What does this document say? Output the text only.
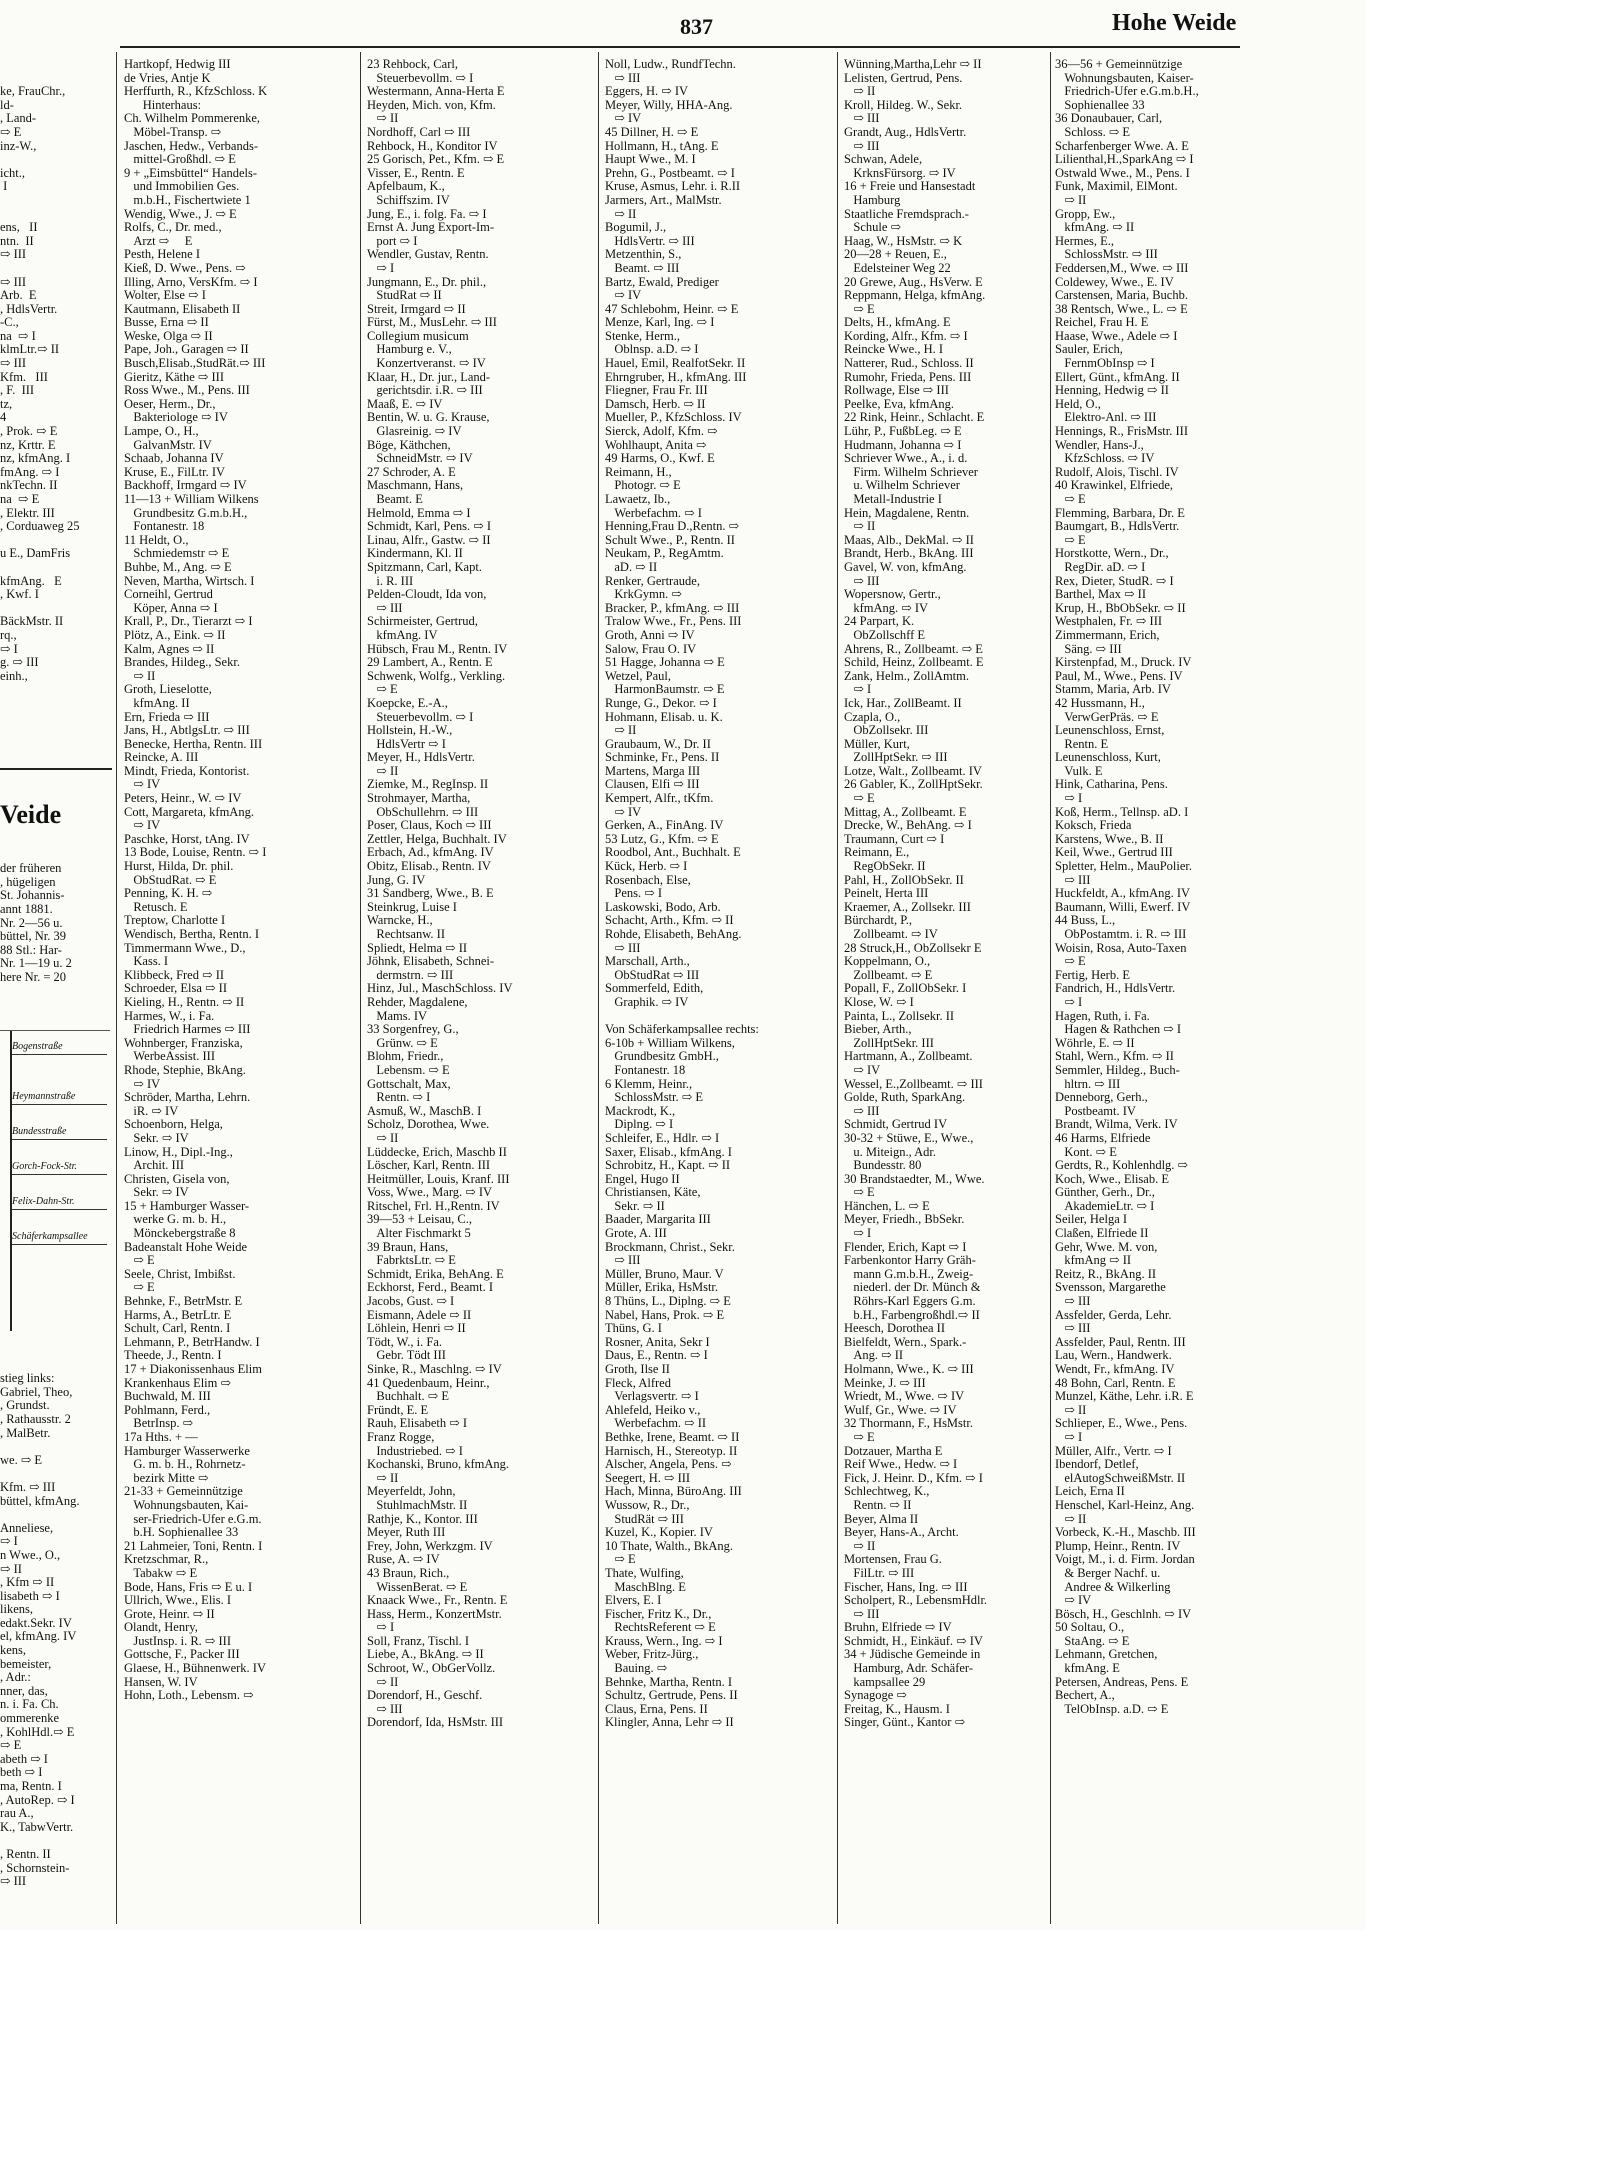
837	Hohe Weide

ke, FrauChr.,
ld-
, Land-
⇨ E
inz-W.,

icht.,
I

ens,   II
ntn.  II
⇨ III

⇨ III
Arb.  E
, HdlsVertr.
-C.,
na  ⇨ I
klmLtr.⇨ II
⇨ III
Kfm.   III
, F.  III
tz,
4
, Prok. ⇨ E
nz, Krttr. E
nz, kfmAng. I
fmAng. ⇨ I
nkTechn. II
na  ⇨ E
, Elektr. III
, Corduaweg 25

u E., DamFris

kfmAng.   E
, Kwf. I

BäckMstr. II
rq.,
⇨ I
g. ⇨ III
einh.,

Veide

der früheren
, hügeligen
St. Johannis-
annt 1881.
Nr. 2—56 u.
büttel, Nr. 39
88 Stl.: Har-
Nr. 1—19 u. 2
here Nr. = 20

Bogenstraße
Heymannstraße
Bundesstraße
Gorch-Fock-Str.
Felix-Dahn-Str.
Schäferkampsallee

stieg links:
Gabriel, Theo,
, Grundst.
, Rathausstr. 2
, MalBetr.

we. ⇨ E

Kfm. ⇨ III
büttel, kfmAng.

Anneliese,
⇨ I
n Wwe., O.,
⇨ II
, Kfm ⇨ II
lisabeth ⇨ I
likens,
edakt.Sekr. IV
el, kfmAng. IV
kens,
bemeister,
, Adr.:
nner, das,
n. i. Fa. Ch.
ommerenke
, KohlHdl.⇨ E
⇨ E
abeth ⇨ I
beth ⇨ I
ma, Rentn. I
, AutoRep. ⇨ I
rau A.,
K., TabwVertr.

, Rentn. II
, Schornstein-
⇨ III

Hartkopf, Hedwig III
de Vries, Antje K
Herffurth, R., KfzSchloss. K
Hinterhaus:
Ch. Wilhelm Pommerenke,
Möbel-Transp. ⇨
Jaschen, Hedw., Verbands-
mittel-Großhdl. ⇨ E
9 + „Eimsbüttel“ Handels-
und Immobilien Ges.
m.b.H., Fischertwiete 1
Wendig, Wwe., J. ⇨ E
Rolfs, C., Dr. med.,
Arzt ⇨     E
Pesth, Helene I
Kieß, D. Wwe., Pens. ⇨
Illing, Arno, VersKfm. ⇨ I
Wolter, Else ⇨ I
Kautmann, Elisabeth II
Busse, Erna ⇨ II
Weske, Olga ⇨ II
Pape, Joh., Garagen ⇨ II
Busch,Elisab.,StudRät.⇨ III
Gieritz, Käthe ⇨ III
Ross Wwe., M., Pens. III
Oeser, Herm., Dr.,
Bakteriologe ⇨ IV
Lampe, O., H.,
GalvanMstr. IV
Schaab, Johanna IV
Kruse, E., FilLtr. IV
Backhoff, Irmgard ⇨ IV
11—13 + William Wilkens
Grundbesitz G.m.b.H.,
Fontanestr. 18
11 Heldt, O.,
Schmiedemstr ⇨ E
Buhbe, M., Ang. ⇨ E
Neven, Martha, Wirtsch. I
Corneihl, Gertrud
Köper, Anna ⇨ I
Krall, P., Dr., Tierarzt ⇨ I
Plötz, A., Eink. ⇨ II
Kalm, Agnes ⇨ II
Brandes, Hildeg., Sekr.
⇨ II
Groth, Lieselotte,
kfmAng. II
Ern, Frieda ⇨ III
Jans, H., AbtlgsLtr. ⇨ III
Benecke, Hertha, Rentn. III
Reincke, A. III
Mindt, Frieda, Kontorist.
⇨ IV
Peters, Heinr., W. ⇨ IV
Cott, Margareta, kfmAng.
⇨ IV
Paschke, Horst, tAng. IV
13 Bode, Louise, Rentn. ⇨ I
Hurst, Hilda, Dr. phil.
ObStudRat. ⇨ E
Penning, K. H. ⇨
Retusch. E
Treptow, Charlotte I
Wendisch, Bertha, Rentn. I
Timmermann Wwe., D.,
Kass. I
Klibbeck, Fred ⇨ II
Schroeder, Elsa ⇨ II
Kieling, H., Rentn. ⇨ II
Harmes, W., i. Fa.
Friedrich Harmes ⇨ III
Wohnberger, Franziska,
WerbeAssist. III
Rhode, Stephie, BkAng.
⇨ IV
Schröder, Martha, Lehrn.
iR. ⇨ IV
Schoenborn, Helga,
Sekr. ⇨ IV
Linow, H., Dipl.-Ing.,
Archit. III
Christen, Gisela von,
Sekr. ⇨ IV
15 + Hamburger Wasser-
werke G. m. b. H.,
Mönckebergstraße 8
Badeanstalt Hohe Weide
⇨ E
Seele, Christ, Imbißst.
⇨ E
Behnke, F., BetrMstr. E
Harms, A., BetrLtr. E
Schult, Carl, Rentn. I
Lehmann, P., BetrHandw. I
Theede, J., Rentn. I
17 + Diakonissenhaus Elim
Krankenhaus Elim ⇨
Buchwald, M. III
Pohlmann, Ferd.,
BetrInsp. ⇨
17a Hths. + —
Hamburger Wasserwerke
G. m. b. H., Rohrnetz-
bezirk Mitte ⇨
21-33 + Gemeinnützige
Wohnungsbauten, Kai-
ser-Friedrich-Ufer e.G.m.
b.H. Sophienallee 33
21 Lahmeier, Toni, Rentn. I
Kretzschmar, R.,
Tabakw ⇨ E
Bode, Hans, Fris ⇨ E u. I
Ullrich, Wwe., Elis. I
Grote, Heinr. ⇨ II
Olandt, Henry,
JustInsp. i. R. ⇨ III
Gottsche, F., Packer III
Glaese, H., Bühnenwerk. IV
Hansen, W. IV
Hohn, Loth., Lebensm. ⇨
23 Rehbock, Carl,
Steuerbevollm. ⇨ I
Westermann, Anna-Herta E
Heyden, Mich. von, Kfm.
⇨ II
Nordhoff, Carl ⇨ III
Rehbock, H., Konditor IV
25 Gorisch, Pet., Kfm. ⇨ E
Visser, E., Rentn. E
Apfelbaum, K.,
Schiffszim. IV
Jung, E., i. folg. Fa. ⇨ I
Ernst A. Jung Export-Im-
port ⇨ I
Wendler, Gustav, Rentn.
⇨ I
Jungmann, E., Dr. phil.,
StudRat ⇨ II
Streit, Irmgard ⇨ II
Fürst, M., MusLehr. ⇨ III
Collegium musicum
Hamburg e. V.,
Konzertveranst. ⇨ IV
Klaar, H., Dr. jur., Land-
gerichtsdir. i.R. ⇨ III
Maaß, E. ⇨ IV
Bentin, W. u. G. Krause,
Glasreinig. ⇨ IV
Böge, Käthchen,
SchneidMstr. ⇨ IV
27 Schroder, A. E
Maschmann, Hans,
Beamt. E
Helmold, Emma ⇨ I
Schmidt, Karl, Pens. ⇨ I
Linau, Alfr., Gastw. ⇨ II
Kindermann, Kl. II
Spitzmann, Carl, Kapt.
i. R. III
Pelden-Cloudt, Ida von,
⇨ III
Schirmeister, Gertrud,
kfmAng. IV
Hübsch, Frau M., Rentn. IV
29 Lambert, A., Rentn. E
Schwenk, Wolfg., Verkling.
⇨ E
Koepcke, E.-A.,
Steuerbevollm. ⇨ I
Hollstein, H.-W.,
HdlsVertr ⇨ I
Meyer, H., HdlsVertr.
⇨ II
Ziemke, M., RegInsp. II
Strohmayer, Martha,
ObSchullehrn. ⇨ III
Poser, Claus, Koch ⇨ III
Zettler, Helga, Buchhalt. IV
Erbach, Ad., kfmAng. IV
Obitz, Elisab., Rentn. IV
Jung, G. IV
31 Sandberg, Wwe., B. E
Steinkrug, Luise I
Warncke, H.,
Rechtsanw. II
Spliedt, Helma ⇨ II
Jöhnk, Elisabeth, Schnei-
dermstrn. ⇨ III
Hinz, Jul., MaschSchloss. IV
Rehder, Magdalene,
Mams. IV
33 Sorgenfrey, G.,
Grünw. ⇨ E
Blohm, Friedr.,
Lebensm. ⇨ E
Gottschalt, Max,
Rentn. ⇨ I
Asmuß, W., MaschB. I
Scholz, Dorothea, Wwe.
⇨ II
Lüddecke, Erich, Maschb II
Löscher, Karl, Rentn. III
Heitmüller, Louis, Kranf. III
Voss, Wwe., Marg. ⇨ IV
Ritschel, Frl. H.,Rentn. IV
39—53 + Leisau, C.,
Alter Fischmarkt 5
39 Braun, Hans,
FabrktsLtr. ⇨ E
Schmidt, Erika, BehAng. E
Eckhorst, Ferd., Beamt. I
Jacobs, Gust. ⇨ I
Eismann, Adele ⇨ II
Löhlein, Henri ⇨ II
Tödt, W., i. Fa.
Gebr. Tödt III
Sinke, R., Maschlng. ⇨ IV
41 Quedenbaum, Heinr.,
Buchhalt. ⇨ E
Fründt, E. E
Rauh, Elisabeth ⇨ I
Franz Rogge,
Industriebed. ⇨ I
Kochanski, Bruno, kfmAng.
⇨ II
Meyerfeldt, John,
StuhlmachMstr. II
Rathje, K., Kontor. III
Meyer, Ruth III
Frey, John, Werkzgm. IV
Ruse, A. ⇨ IV
43 Braun, Rich.,
WissenBerat. ⇨ E
Knaack Wwe., Fr., Rentn. E
Hass, Herm., KonzertMstr.
⇨ I
Soll, Franz, Tischl. I
Liebe, A., BkAng. ⇨ II
Schroot, W., ObGerVollz.
⇨ II
Dorendorf, H., Geschf.
⇨ III
Dorendorf, Ida, HsMstr. III
Noll, Ludw., RundfTechn.
⇨ III
Eggers, H. ⇨ IV
Meyer, Willy, HHA-Ang.
⇨ IV
45 Dillner, H. ⇨ E
Hollmann, H., tAng. E
Haupt Wwe., M. I
Prehn, G., Postbeamt. ⇨ I
Kruse, Asmus, Lehr. i. R.II
Jarmers, Art., MalMstr.
⇨ II
Bogumil, J.,
HdlsVertr. ⇨ III
Metzenthin, S.,
Beamt. ⇨ III
Bartz, Ewald, Prediger
⇨ IV
47 Schlebohm, Heinr. ⇨ E
Menze, Karl, Ing. ⇨ I
Stenke, Herm.,
Oblnsp. a.D. ⇨ I
Hauel, Emil, RealfotSekr. II
Ehrngruber, H., kfmAng. III
Fliegner, Frau Fr. III
Damsch, Herb. ⇨ II
Mueller, P., KfzSchloss. IV
Sierck, Adolf, Kfm. ⇨
Wohlhaupt, Anita ⇨
49 Harms, O., Kwf. E
Reimann, H.,
Photogr. ⇨ E
Lawaetz, Ib.,
Werbefachm. ⇨ I
Henning,Frau D.,Rentn. ⇨
Schult Wwe., P., Rentn. II
Neukam, P., RegAmtm.
aD. ⇨ II
Renker, Gertraude,
KrkGymn. ⇨
Bracker, P., kfmAng. ⇨ III
Tralow Wwe., Fr., Pens. III
Groth, Anni ⇨ IV
Salow, Frau O. IV
51 Hagge, Johanna ⇨ E
Wetzel, Paul,
HarmonBaumstr. ⇨ E
Runge, G., Dekor. ⇨ I
Hohmann, Elisab. u. K.
⇨ II
Graubaum, W., Dr. II
Schminke, Fr., Pens. II
Martens, Marga III
Clausen, Elfi ⇨ III
Kempert, Alfr., tKfm.
⇨ IV
Gerken, A., FinAng. IV
53 Lutz, G., Kfm. ⇨ E
Roodbol, Ant., Buchhalt. E
Kück, Herb. ⇨ I
Rosenbach, Else,
Pens. ⇨ I
Laskowski, Bodo, Arb.
Schacht, Arth., Kfm. ⇨ II
Rohde, Elisabeth, BehAng.
⇨ III
Marschall, Arth.,
ObStudRat ⇨ III
Sommerfeld, Edith,
Graphik. ⇨ IV

Von Schäferkampsallee rechts:
6-10b + William Wilkens,
Grundbesitz GmbH.,
Fontanestr. 18
6 Klemm, Heinr.,
SchlossMstr. ⇨ E
Mackrodt, K.,
Diplng. ⇨ I
Schleifer, E., Hdlr. ⇨ I
Saxer, Elisab., kfmAng. I
Schrobitz, H., Kapt. ⇨ II
Engel, Hugo II
Christiansen, Käte,
Sekr. ⇨ II
Baader, Margarita III
Grote, A. III
Brockmann, Christ., Sekr.
⇨ III
Müller, Bruno, Maur. V
Müller, Erika, HsMstr.
8 Thüns, L., Diplng. ⇨ E
Nabel, Hans, Prok. ⇨ E
Thüns, G. I
Rosner, Anita, Sekr I
Daus, E., Rentn. ⇨ I
Groth, Ilse II
Fleck, Alfred
Verlagsvertr. ⇨ I
Ahlefeld, Heiko v.,
Werbefachm. ⇨ II
Bethke, Irene, Beamt. ⇨ II
Harnisch, H., Stereotyp. II
Alscher, Angela, Pens. ⇨
Seegert, H. ⇨ III
Hach, Minna, BüroAng. III
Wussow, R., Dr.,
StudRät ⇨ III
Kuzel, K., Kopier. IV
10 Thate, Walth., BkAng.
⇨ E
Thate, Wulfing,
MaschBlng. E
Elvers, E. I
Fischer, Fritz K., Dr.,
RechtsReferent ⇨ E
Krauss, Wern., Ing. ⇨ I
Weber, Fritz-Jürg.,
Bauing. ⇨
Behnke, Martha, Rentn. I
Schultz, Gertrude, Pens. II
Claus, Erna, Pens. II
Klingler, Anna, Lehr ⇨ II
Wünning,Martha,Lehr ⇨ II
Lelisten, Gertrud, Pens.
⇨ II
Kroll, Hildeg. W., Sekr.
⇨ III
Grandt, Aug., HdlsVertr.
⇨ III
Schwan, Adele,
KrknsFürsorg. ⇨ IV
16 + Freie und Hansestadt
Hamburg
Staatliche Fremdsprach.-
Schule ⇨
Haag, W., HsMstr. ⇨ K
20—28 + Reuen, E.,
Edelsteiner Weg 22
20 Grewe, Aug., HsVerw. E
Reppmann, Helga, kfmAng.
⇨ E
Delts, H., kfmAng. E
Kording, Alfr., Kfm. ⇨ I
Reincke Wwe., H. I
Natterer, Rud., Schloss. II
Rumohr, Frieda, Pens. III
Rollwage, Else ⇨ III
Peelke, Eva, kfmAng.
22 Rink, Heinr., Schlacht. E
Lühr, P., FußbLeg. ⇨ E
Hudmann, Johanna ⇨ I
Schriever Wwe., A., i. d.
Firm. Wilhelm Schriever
u. Wilhelm Schriever
Metall-Industrie I
Hein, Magdalene, Rentn.
⇨ II
Maas, Alb., DekMal. ⇨ II
Brandt, Herb., BkAng. III
Gavel, W. von, kfmAng.
⇨ III
Wopersnow, Gertr.,
kfmAng. ⇨ IV
24 Parpart, K.
ObZollschff E
Ahrens, R., Zollbeamt. ⇨ E
Schild, Heinz, Zollbeamt. E
Zank, Helm., ZollAmtm.
⇨ I
Ick, Har., ZollBeamt. II
Czapla, O.,
ObZollsekr. III
Müller, Kurt,
ZollHptSekr. ⇨ III
Lotze, Walt., Zollbeamt. IV
26 Gabler, K., ZollHptSekr.
⇨ E
Mittag, A., Zollbeamt. E
Drecke, W., BehAng. ⇨ I
Traumann, Curt ⇨ I
Reimann, E.,
RegObSekr. II
Pahl, H., ZollObSekr. II
Peinelt, Herta III
Kraemer, A., Zollsekr. III
Bürchardt, P.,
Zollbeamt. ⇨ IV
28 Struck,H., ObZollsekr E
Koppelmann, O.,
Zollbeamt. ⇨ E
Popall, F., ZollObSekr. I
Klose, W. ⇨ I
Painta, L., Zollsekr. II
Bieber, Arth.,
ZollHptSekr. III
Hartmann, A., Zollbeamt.
⇨ IV
Wessel, E.,Zollbeamt. ⇨ III
Golde, Ruth, SparkAng.
⇨ III
Schmidt, Gertrud IV
30-32 + Stüwe, E., Wwe.,
u. Miteign., Adr.
Bundesstr. 80
30 Brandstaedter, M., Wwe.
⇨ E
Hänchen, L. ⇨ E
Meyer, Friedh., BbSekr.
⇨ I
Flender, Erich, Kapt ⇨ I
Farbenkontor Harry Gräh-
mann G.m.b.H., Zweig-
niederl. der Dr. Münch &
Röhrs-Karl Eggers G.m.
b.H., Farbengroßhdl.⇨ II
Heesch, Dorothea II
Bielfeldt, Wern., Spark.-
Ang. ⇨ II
Holmann, Wwe., K. ⇨ III
Meinke, J. ⇨ III
Wriedt, M., Wwe. ⇨ IV
Wulf, Gr., Wwe. ⇨ IV
32 Thormann, F., HsMstr.
⇨ E
Dotzauer, Martha E
Reif Wwe., Hedw. ⇨ I
Fick, J. Heinr. D., Kfm. ⇨ I
Schlechtweg, K.,
Rentn. ⇨ II
Beyer, Alma II
Beyer, Hans-A., Archt.
⇨ II
Mortensen, Frau G.
FilLtr. ⇨ III
Fischer, Hans, Ing. ⇨ III
Scholpert, R., LebensmHdlr.
⇨ III
Bruhn, Elfriede ⇨ IV
Schmidt, H., Einkäuf. ⇨ IV
34 + Jüdische Gemeinde in
Hamburg, Adr. Schäfer-
kampsallee 29
Synagoge ⇨
Freitag, K., Hausm. I
Singer, Günt., Kantor ⇨
36—56 + Gemeinnützige
Wohnungsbauten, Kaiser-
Friedrich-Ufer e.G.m.b.H.,
Sophienallee 33
36 Donaubauer, Carl,
Schloss. ⇨ E
Scharfenberger Wwe. A. E
Lilienthal,H.,SparkAng ⇨ I
Ostwald Wwe., M., Pens. I
Funk, Maximil, ElMont.
⇨ II
Gropp, Ew.,
kfmAng. ⇨ II
Hermes, E.,
SchlossMstr. ⇨ III
Feddersen,M., Wwe. ⇨ III
Coldewey, Wwe., E. IV
Carstensen, Maria, Buchb.
38 Rentsch, Wwe., L. ⇨ E
Reichel, Frau H. E
Haase, Wwe., Adele ⇨ I
Sauler, Erich,
FernmObInsp ⇨ I
Ellert, Günt., kfmAng. II
Henning, Hedwig ⇨ II
Held, O.,
Elektro-Anl. ⇨ III
Hennings, R., FrisMstr. III
Wendler, Hans-J.,
KfzSchloss. ⇨ IV
Rudolf, Alois, Tischl. IV
40 Krawinkel, Elfriede,
⇨ E
Flemming, Barbara, Dr. E
Baumgart, B., HdlsVertr.
⇨ E
Horstkotte, Wern., Dr.,
RegDir. aD. ⇨ I
Rex, Dieter, StudR. ⇨ I
Barthel, Max ⇨ II
Krup, H., BbObSekr. ⇨ II
Westphalen, Fr. ⇨ III
Zimmermann, Erich,
Säng. ⇨ III
Kirstenpfad, M., Druck. IV
Paul, M., Wwe., Pens. IV
Stamm, Maria, Arb. IV
42 Hussmann, H.,
VerwGerPräs. ⇨ E
Leunenschloss, Ernst,
Rentn. E
Leunenschloss, Kurt,
Vulk. E
Hink, Catharina, Pens.
⇨ I
Koß, Herm., Tellnsp. aD. I
Koksch, Frieda
Karstens, Wwe., B. II
Keil, Wwe., Gertrud III
Spletter, Helm., MauPolier.
⇨ III
Huckfeldt, A., kfmAng. IV
Baumann, Willi, Ewerf. IV
44 Buss, L.,
ObPostamtm. i. R. ⇨ III
Woisin, Rosa, Auto-Taxen
⇨ E
Fertig, Herb. E
Fandrich, H., HdlsVertr.
⇨ I
Hagen, Ruth, i. Fa.
Hagen & Rathchen ⇨ I
Wöhrle, E. ⇨ II
Stahl, Wern., Kfm. ⇨ II
Semmler, Hildeg., Buch-
hltrn. ⇨ III
Denneborg, Gerh.,
Postbeamt. IV
Brandt, Wilma, Verk. IV
46 Harms, Elfriede
Kont. ⇨ E
Gerdts, R., Kohlenhdlg. ⇨
Koch, Wwe., Elisab. E
Günther, Gerh., Dr.,
AkademieLtr. ⇨ I
Seiler, Helga I
Claßen, Elfriede II
Gehr, Wwe. M. von,
kfmAng ⇨ II
Reitz, R., BkAng. II
Svensson, Margarethe
⇨ III
Assfelder, Gerda, Lehr.
⇨ III
Assfelder, Paul, Rentn. III
Lau, Wern., Handwerk.
Wendt, Fr., kfmAng. IV
48 Bohn, Carl, Rentn. E
Munzel, Käthe, Lehr. i.R. E
⇨ II
Schlieper, E., Wwe., Pens.
⇨ I
Müller, Alfr., Vertr. ⇨ I
Ibendorf, Detlef,
elAutogSchweißMstr. II
Leich, Erna II
Henschel, Karl-Heinz, Ang.
⇨ II
Vorbeck, K.-H., Maschb. III
Plump, Heinr., Rentn. IV
Voigt, M., i. d. Firm. Jordan
& Berger Nachf. u.
Andree & Wilkerling
⇨ IV
Bösch, H., Geschlnh. ⇨ IV
50 Soltau, O.,
StaAng. ⇨ E
Lehmann, Gretchen,
kfmAng. E
Petersen, Andreas, Pens. E
Bechert, A.,
TelObInsp. a.D. ⇨ E
